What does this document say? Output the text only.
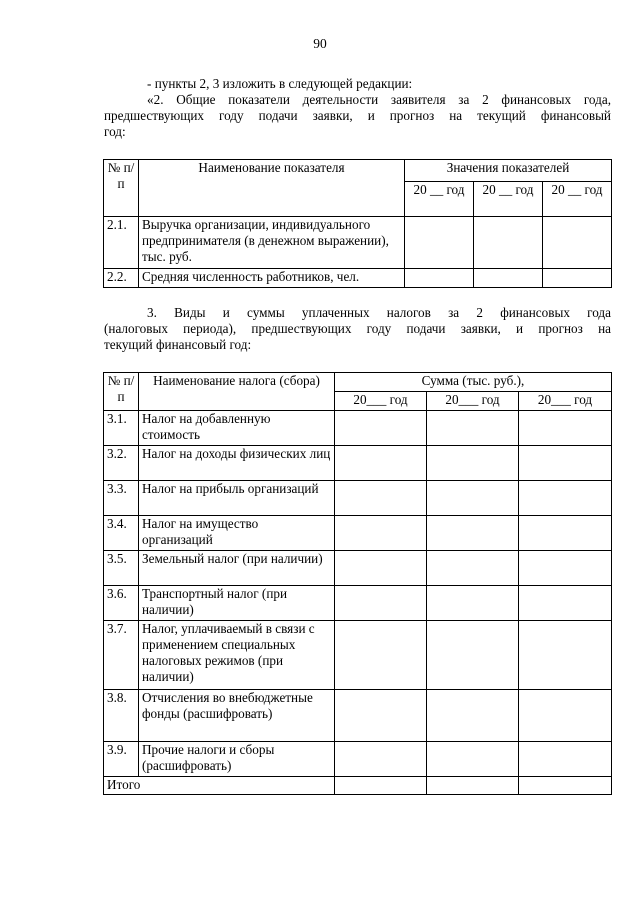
90

- пункты 2, 3 изложить в следующей редакции:

«2. Общие показатели деятельности заявителя за 2 финансовых года,

предшествующих году подачи заявки, и прогноз на текущий финансовый

год:

№ п/п	Наименование показателя	Значения показателей		
		20 __ год	20 __ год	20 __ год
2.1.	Выручка организации, индивидуального предпринимателя (в денежном выражении), тыс. руб.			
2.2.	Средняя численность работников, чел.			

3. Виды и суммы уплаченных налогов за 2 финансовых года

(налоговых периода), предшествующих году подачи заявки, и прогноз на

текущий финансовый год:

№ п/п	Наименование налога (сбора)	Сумма (тыс. руб.),		
		20___ год	20___ год	20___ год
3.1.	Налог на добавленную стоимость			
3.2.	Налог на доходы физических лиц			
3.3.	Налог на прибыль организаций			
3.4.	Налог на имущество организаций			
3.5.	Земельный налог (при наличии)			
3.6.	Транспортный налог (при наличии)			
3.7.	Налог, уплачиваемый в связи с применением специальных налоговых режимов (при наличии)			
3.8.	Отчисления во внебюджетные фонды (расшифровать)			
3.9.	Прочие налоги и сборы (расшифровать)			
Итого				
